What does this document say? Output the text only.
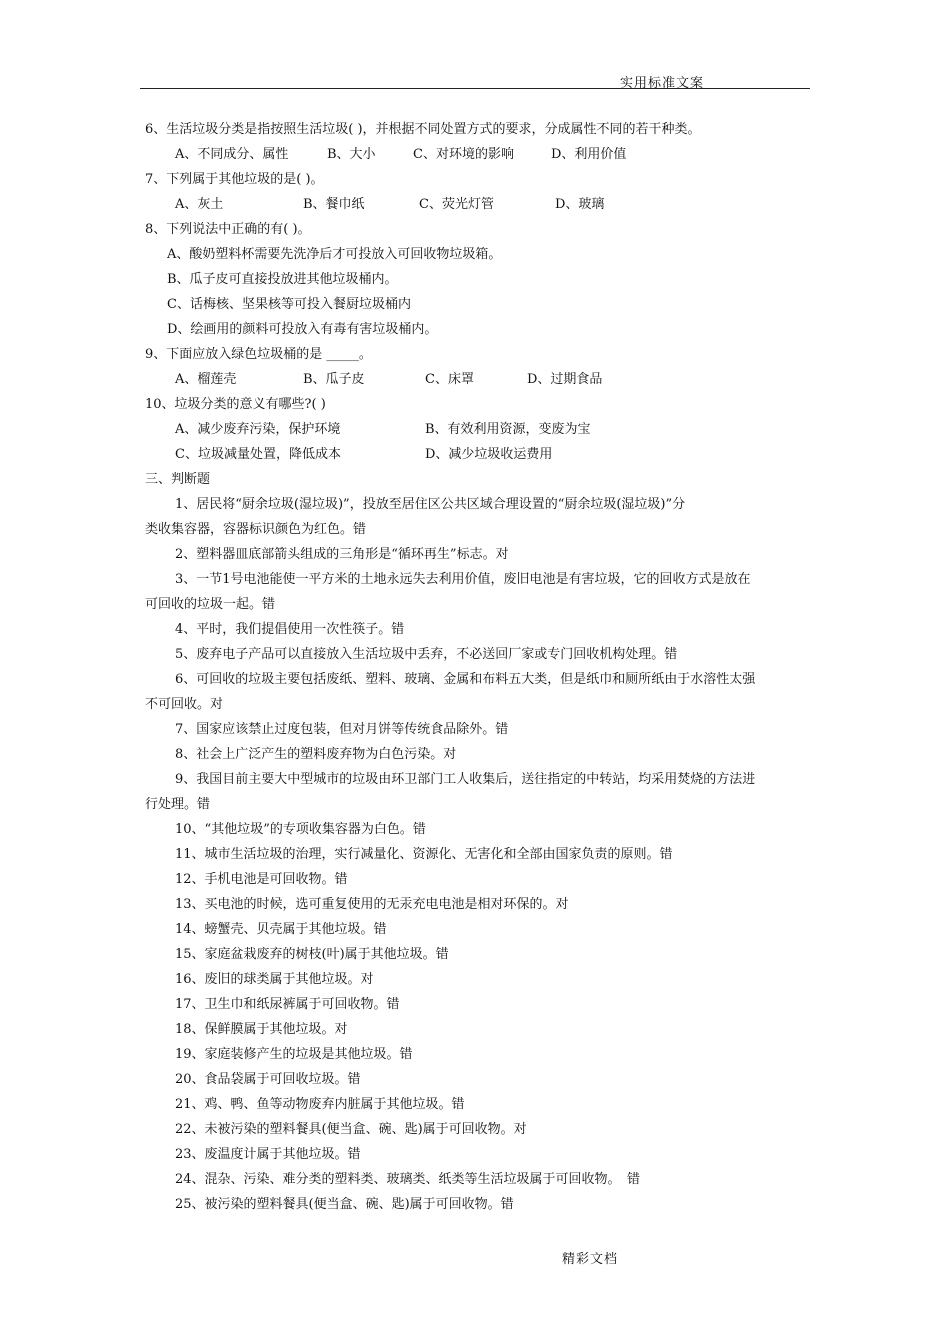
实用标准文案
6、生活垃圾分类是指按照生活垃圾( )，并根据不同处置方式的要求，分成属性不同的若干种类。
A、不同成分、属性	B、大小	C、对环境的影响	D、利用价值
7、下列属于其他垃圾的是( )。
A、灰土	B、餐巾纸	C、荧光灯管	D、玻璃
8、下列说法中正确的有( )。
A、酸奶塑料杯需要先洗净后才可投放入可回收物垃圾箱。
B、瓜子皮可直接投放进其他垃圾桶内。
C、话梅核、坚果核等可投入餐厨垃圾桶内
D、绘画用的颜料可投放入有毒有害垃圾桶内。
9、下面应放入绿色垃圾桶的是 _____。
A、榴莲壳	B、瓜子皮	C、床罩	D、过期食品
10、垃圾分类的意义有哪些?( )
A、减少废弃污染，保护环境	B、有效利用资源，变废为宝
C、垃圾减量处置，降低成本	D、减少垃圾收运费用
三、判断题
1、居民将“厨余垃圾(湿垃圾)”，投放至居住区公共区域合理设置的“厨余垃圾(湿垃圾)”分
类收集容器，容器标识颜色为红色。错
2、塑料器皿底部箭头组成的三角形是“循环再生”标志。对
3、一节1号电池能使一平方米的土地永远失去利用价值，废旧电池是有害垃圾，它的回收方式是放在
可回收的垃圾一起。错
4、平时，我们提倡使用一次性筷子。错
5、废弃电子产品可以直接放入生活垃圾中丢弃，不必送回厂家或专门回收机构处理。错
6、可回收的垃圾主要包括废纸、塑料、玻璃、金属和布料五大类，但是纸巾和厕所纸由于水溶性太强
不可回收。对
7、国家应该禁止过度包装，但对月饼等传统食品除外。错
8、社会上广泛产生的塑料废弃物为白色污染。对
9、我国目前主要大中型城市的垃圾由环卫部门工人收集后，送往指定的中转站，均采用焚烧的方法进
行处理。错
10、“其他垃圾”的专项收集容器为白色。错
11、城市生活垃圾的治理，实行减量化、资源化、无害化和全部由国家负责的原则。错
12、手机电池是可回收物。错
13、买电池的时候，选可重复使用的无汞充电电池是相对环保的。对
14、螃蟹壳、贝壳属于其他垃圾。错
15、家庭盆栽废弃的树枝(叶)属于其他垃圾。错
16、废旧的球类属于其他垃圾。对
17、卫生巾和纸尿裤属于可回收物。错
18、保鲜膜属于其他垃圾。对
19、家庭装修产生的垃圾是其他垃圾。错
20、食品袋属于可回收垃圾。错
21、鸡、鸭、鱼等动物废弃内脏属于其他垃圾。错
22、未被污染的塑料餐具(便当盒、碗、匙)属于可回收物。对
23、废温度计属于其他垃圾。错
24、混杂、污染、难分类的塑料类、玻璃类、纸类等生活垃圾属于可回收物。　错
25、被污染的塑料餐具(便当盒、碗、匙)属于可回收物。错
精彩文档
